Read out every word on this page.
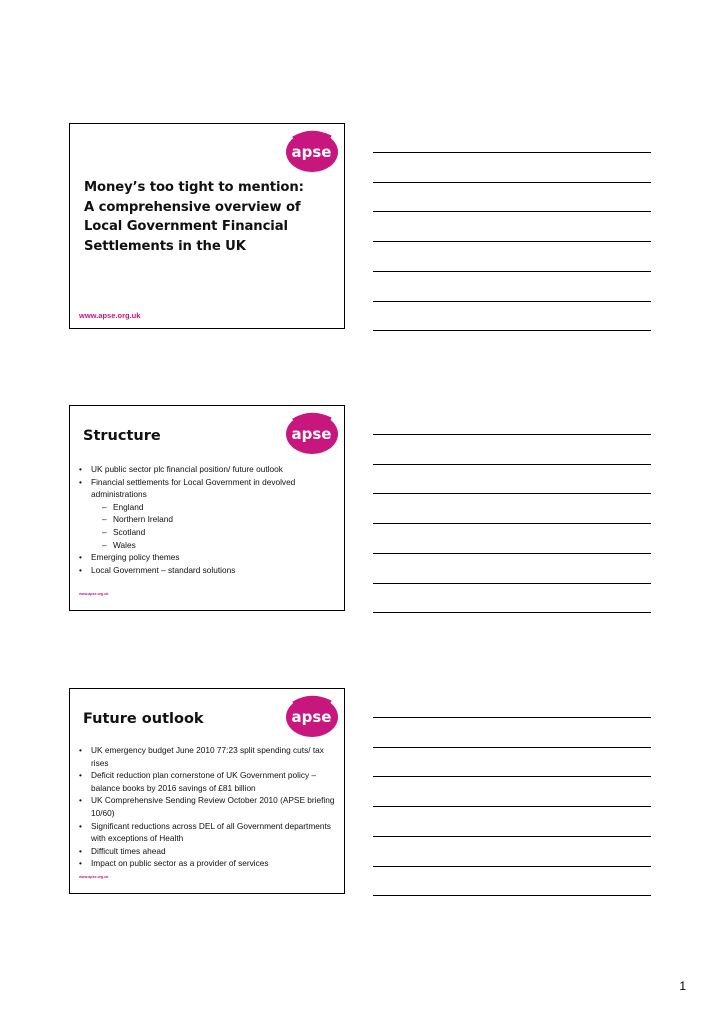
apse
Money’s too tight to mention:
A comprehensive overview of
Local Government Financial
Settlements in the UK
www.apse.org.uk
apse
Structure
• UK public sector plc financial position/ future outlook
• Financial settlements for Local Government in devolved administrations
– England
– Northern Ireland
– Scotland
– Wales
• Emerging policy themes
• Local Government – standard solutions
www.apse.org.uk
apse
Future outlook
• UK emergency budget June 2010 77:23 split spending cuts/ tax rises
• Deficit reduction plan cornerstone of UK Government policy – balance books by 2016 savings of £81 billion
• UK Comprehensive Sending Review October 2010 (APSE briefing 10/60)
• Significant reductions across DEL of all Government departments with exceptions of Health
• Difficult times ahead
• Impact on public sector as a provider of services
www.apse.org.uk
1
